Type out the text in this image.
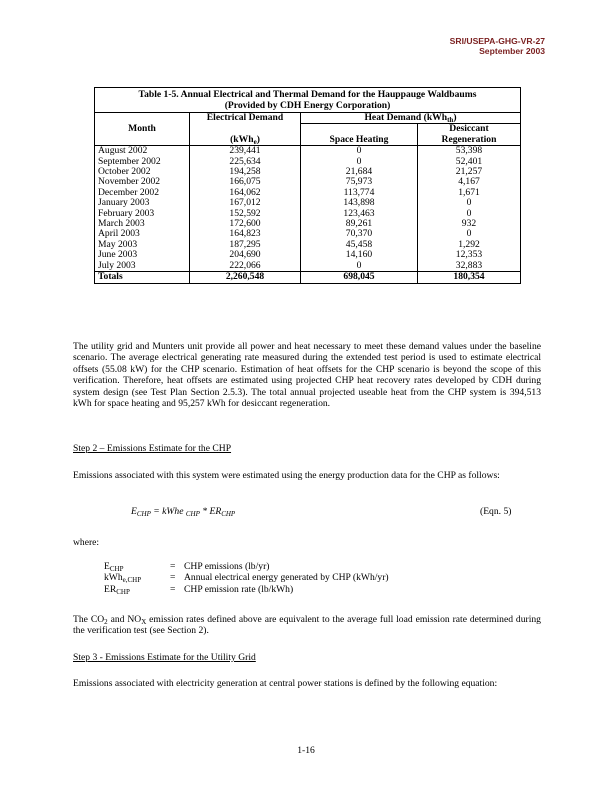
SRI/USEPA-GHG-VR-27
September 2003
Table 1-5. Annual Electrical and Thermal Demand for the Hauppauge Waldbaums
(Provided by CDH Energy Corporation)			

Month	Electrical Demand	Heat Demand (kWh$_{th}$)	
	(kWh$_e$)	Space Heating	Desiccant
Regeneration

August 2002	239,441	0	53,398
September 2002	225,634	0	52,401
October 2002	194,258	21,684	21,257
November 2002	166,075	75,973	4,167
December 2002	164,062	113,774	1,671
January 2003	167,012	143,898	0
February 2003	152,592	123,463	0
March 2003	172,600	89,261	932
April 2003	164,823	70,370	0
May 2003	187,295	45,458	1,292
June 2003	204,690	14,160	12,353
July 2003	222,066	0	32,883
Totals	2,260,548	698,045	180,354
The utility grid and Munters unit provide all power and heat necessary to meet these demand values under the baseline scenario. The average electrical generating rate measured during the extended test period is used to estimate electrical offsets (55.08 kW) for the CHP scenario. Estimation of heat offsets for the CHP scenario is beyond the scope of this verification. Therefore, heat offsets are estimated using projected CHP heat recovery rates developed by CDH during system design (see Test Plan Section 2.5.3). The total annual projected useable heat from the CHP system is 394,513 kWh for space heating and 95,257 kWh for desiccant regeneration.
Step 2 – Emissions Estimate for the CHP
Emissions associated with this system were estimated using the energy production data for the CHP as follows:
$E_{CHP}$ = kWhe $_{CHP} * ER_{CHP}$	(Eqn. 5)
where:
$E_{CHP}$	= CHP emissions (lb/yr)
kWh$_{e,CHP}$	= Annual electrical energy generated by CHP (kWh/yr)
$ER_{CHP}$	= CHP emission rate (lb/kWh)
The $CO_2$ and $NO_X$ emission rates defined above are equivalent to the average full load emission rate determined during the verification test (see Section 2).
Step 3 - Emissions Estimate for the Utility Grid
Emissions associated with electricity generation at central power stations is defined by the following equation:
1-16
